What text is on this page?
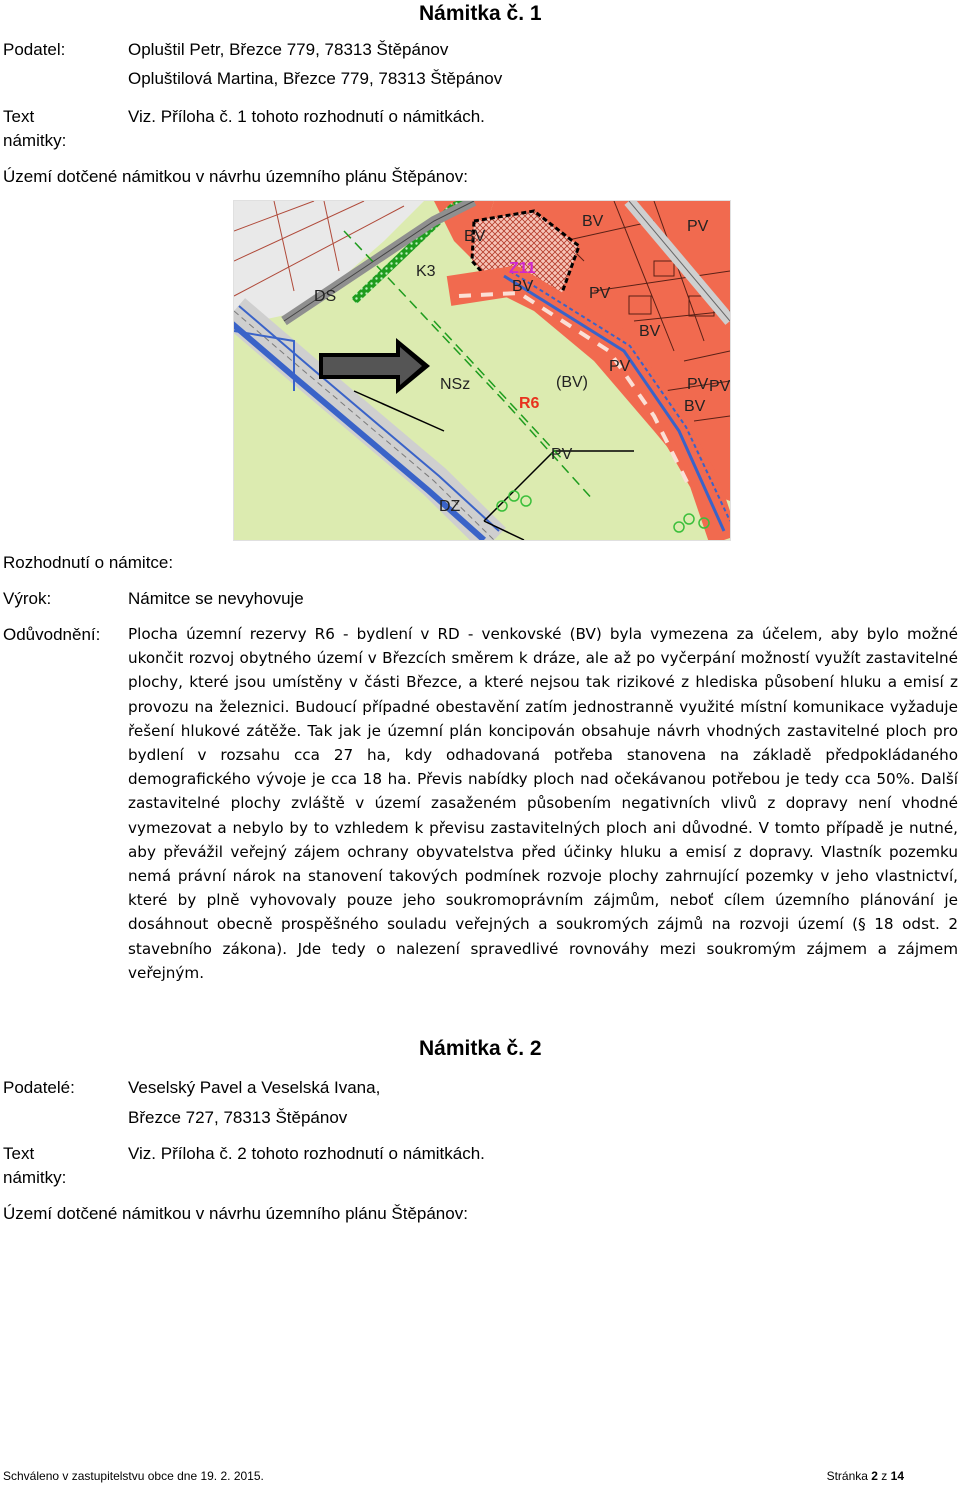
Námitka č. 1
Podatel:	Opluštil Petr, Březce 779, 78313 Štěpánov
Opluštilová Martina, Březce 779, 78313 Štěpánov
Text
námitky:
Viz. Příloha č. 1 tohoto rozhodnutí o námitkách.
Území dotčené námitkou v návrhu územního plánu Štěpánov:
BV	PV
BV
Z11
BV
K3
DS	PV
BV
PV
NSz	(BV)
R6
PV
PV
BV
PV
DZ
Rozhodnutí o námitce:
Výrok:	Námitce se nevyhovuje
Odůvodnění: Plocha územní rezervy R6 - bydlení v RD - venkovské (BV) byla vymezena za účelem, aby bylo možné ukončit rozvoj obytného území v Březcích směrem k dráze, ale až po vyčerpání možností využít zastavitelné plochy, které jsou umístěny v části Březce, a které nejsou tak rizikové z hlediska působení hluku a emisí z provozu na železnici. Budoucí případné obestavění zatím jednostranně využité místní komunikace vyžaduje řešení hlukové zátěže. Tak jak je územní plán koncipován obsahuje návrh vhodných zastavitelné ploch pro bydlení v rozsahu cca 27 ha, kdy odhadovaná potřeba stanovena na základě předpokládaného demografického vývoje je cca 18 ha. Převis nabídky ploch nad očekávanou potřebou je tedy cca 50%. Další zastavitelné plochy zvláště v území zasaženém působením negativních vlivů z dopravy není vhodné vymezovat a nebylo by to vzhledem k převisu zastavitelných ploch ani důvodné. V tomto případě je nutné, aby převážil veřejný zájem ochrany obyvatelstva před účinky hluku a emisí z dopravy. Vlastník pozemku nemá právní nárok na stanovení takových podmínek rozvoje plochy zahrnující pozemky v jeho vlastnictví, které by plně vyhovovaly pouze jeho soukromoprávním zájmům, neboť cílem územního plánování je dosáhnout obecně prospěšného souladu veřejných a soukromých zájmů na rozvoji území (§ 18 odst. 2 stavebního zákona). Jde tedy o nalezení spravedlivé rovnováhy mezi soukromým zájmem a zájmem veřejným.
Námitka č. 2
Podatelé:	Veselský Pavel a Veselská Ivana,
Březce 727, 78313 Štěpánov
Text
námitky:
Viz. Příloha č. 2 tohoto rozhodnutí o námitkách.
Území dotčené námitkou v návrhu územního plánu Štěpánov:
Schváleno v zastupitelstvu obce dne 19. 2. 2015.	Stránka 2 z 14
